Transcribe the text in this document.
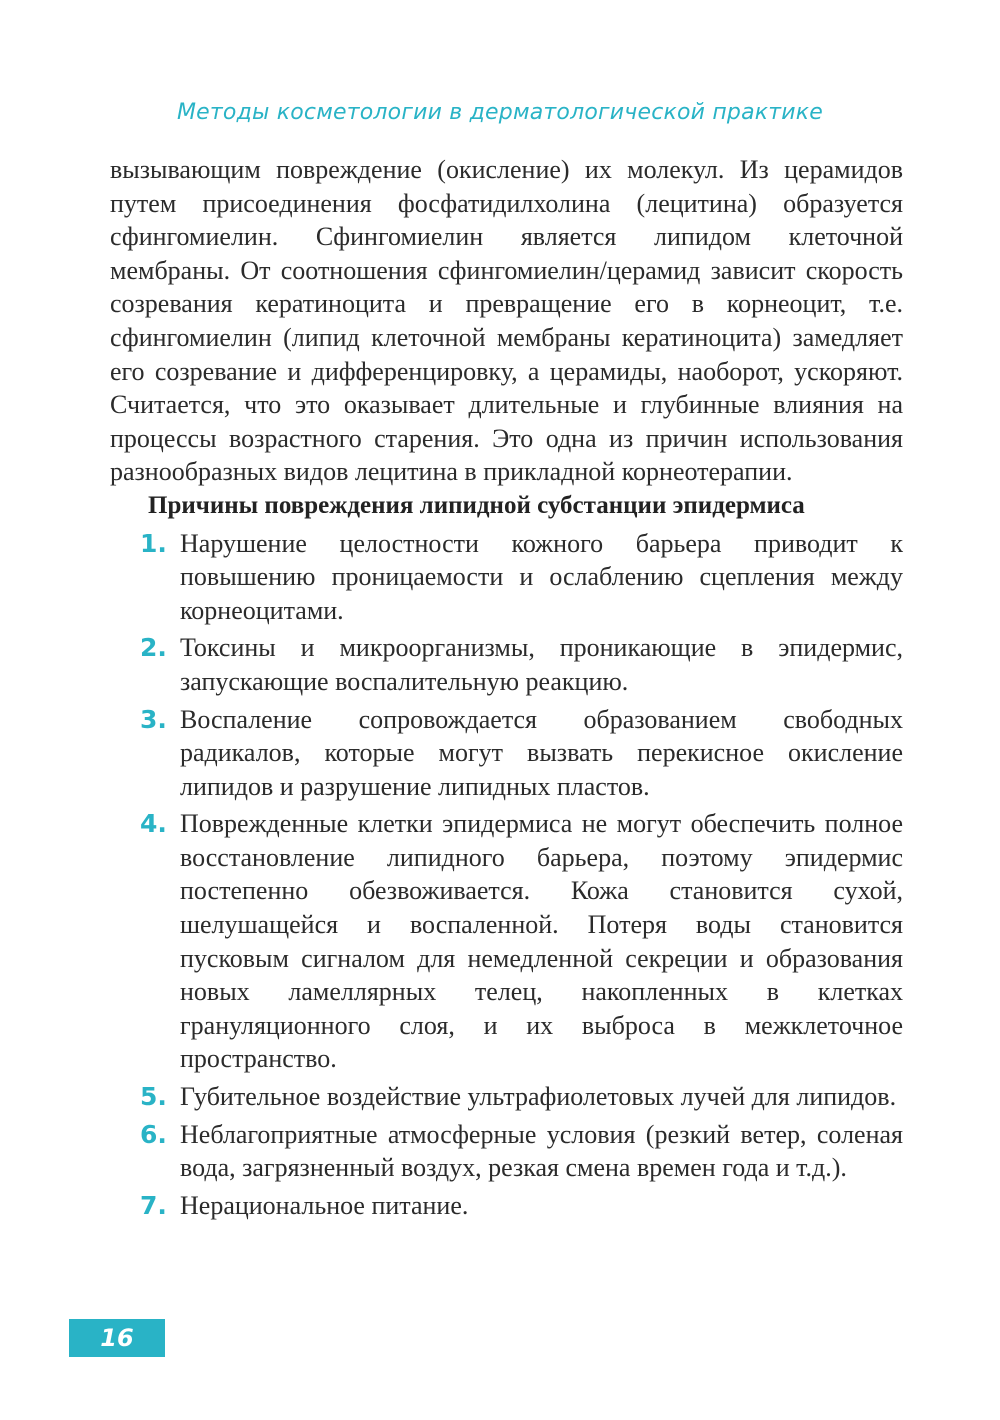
Методы косметологии в дерматологической практике

вызывающим повреждение (окисление) их молекул. Из церамидов путем присоединения фосфатидилхолина (лецитина) образуется сфингомиелин. Сфингомиелин является липидом клеточной мембраны. От соотношения сфингомиелин/церамид зависит скорость созревания кератиноцита и превращение его в корнеоцит, т.е. сфингомиелин (липид клеточной мембраны кератиноцита) замедляет его созревание и дифференцировку, а церамиды, наоборот, ускоряют. Считается, что это оказывает длительные и глубинные влияния на процессы возрастного старения. Это одна из причин использования разнообразных видов лецитина в прикладной корнеотерапии.

Причины повреждения липидной субстанции эпидермиса
1. Нарушение целостности кожного барьера приводит к повышению проницаемости и ослаблению сцепления между корнеоцитами.
2. Токсины и микроорганизмы, проникающие в эпидермис, запускающие воспалительную реакцию.
3. Воспаление сопровождается образованием свободных радикалов, которые могут вызвать перекисное окисление липидов и разрушение липидных пластов.
4. Поврежденные клетки эпидермиса не могут обеспечить полное восстановление липидного барьера, поэтому эпидермис постепенно обезвоживается. Кожа становится сухой, шелушащейся и воспаленной. Потеря воды становится пусковым сигналом для немедленной секреции и образования новых ламеллярных телец, накопленных в клетках грануляционного слоя, и их выброса в межклеточное пространство.
5. Губительное воздействие ультрафиолетовых лучей для липидов.
6. Неблагоприятные атмосферные условия (резкий ветер, соленая вода, загрязненный воздух, резкая смена времен года и т.д.).
7. Нерациональное питание.
16
